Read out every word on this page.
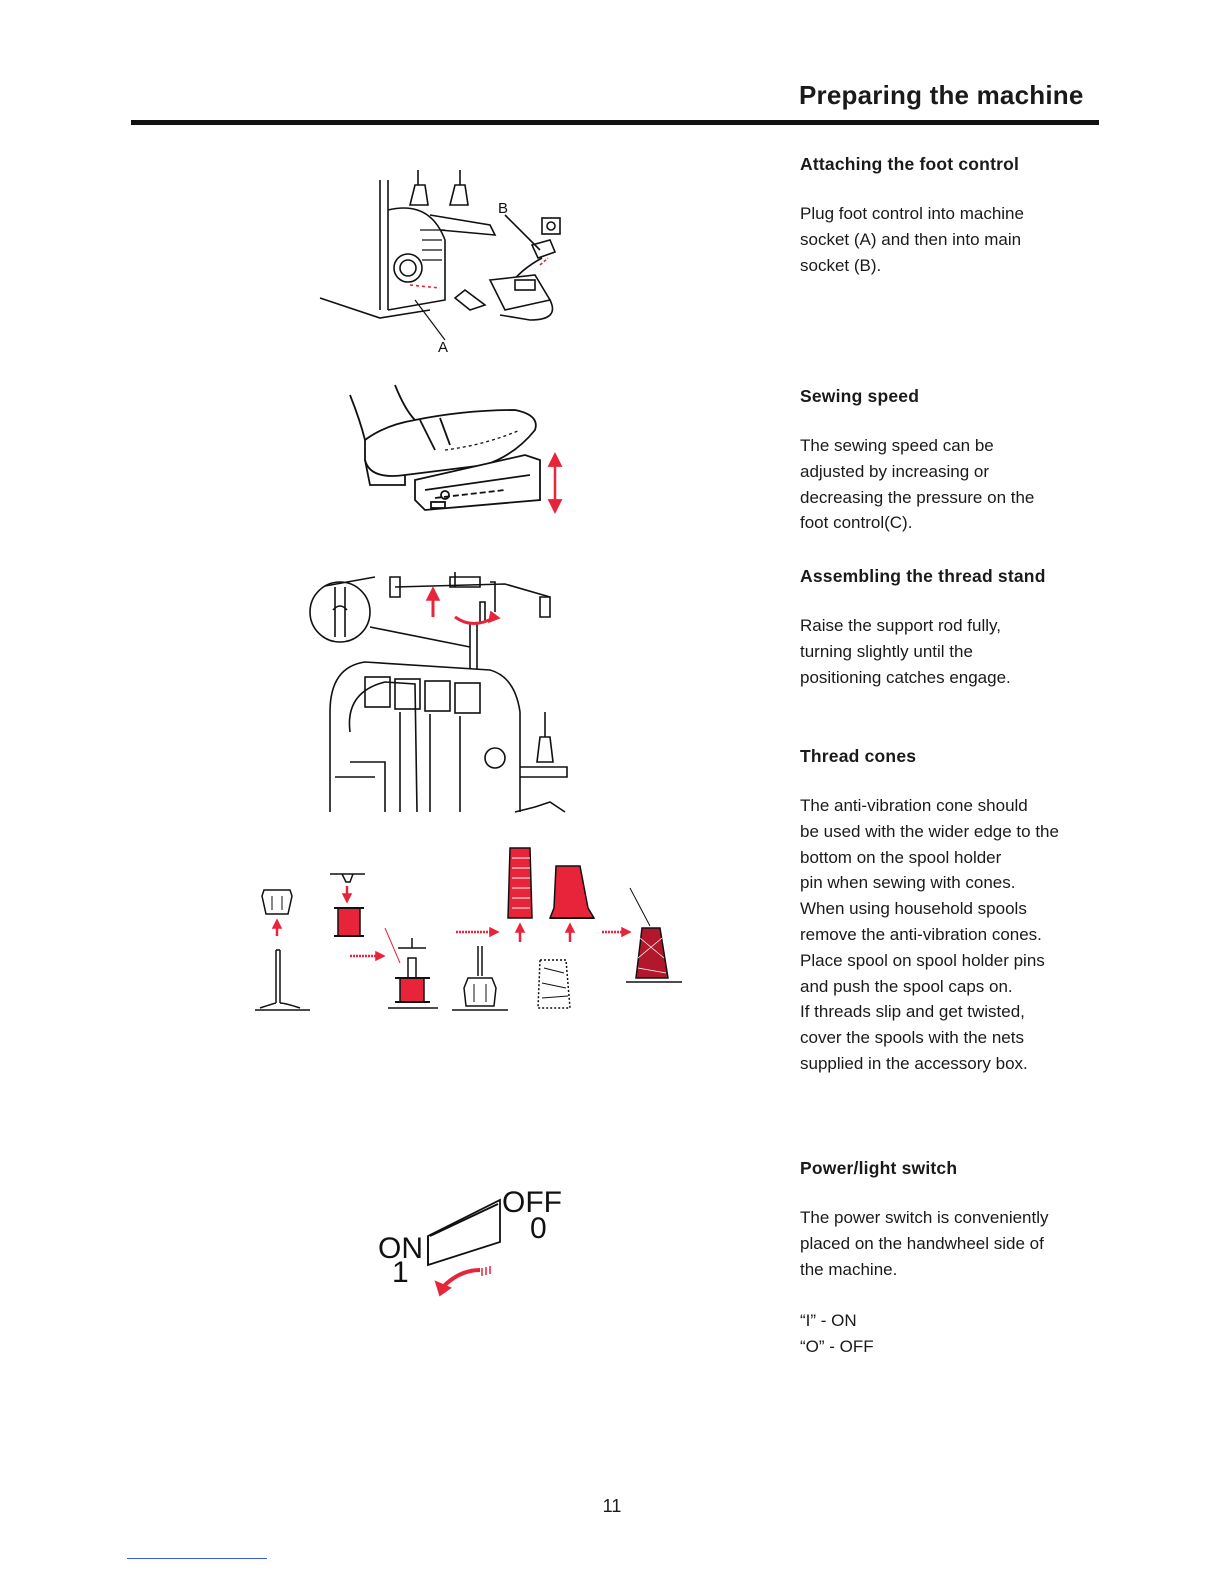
Preparing the machine
Attaching the foot control

Plug foot control into machine

socket (A) and then into main

socket (B).

Sewing speed

The sewing speed can be

adjusted by increasing or

decreasing the pressure on the

foot control(C).

Assembling the thread stand

Raise the support rod fully,

turning slightly until the

positioning catches engage.

Thread cones

The anti-vibration cone should

be used with the wider edge to the

bottom on the spool holder

pin when sewing with cones.

When using household spools

remove the anti-vibration cones.

Place spool on spool holder pins

and push the spool caps on.

If threads slip and get twisted,

cover the spools with the nets

supplied in the accessory box.

Power/light switch

The power switch is conveniently

placed on the handwheel side of

the machine.

“I” - ON

“O” - OFF

B
A
ON
1
OFF
0
11
